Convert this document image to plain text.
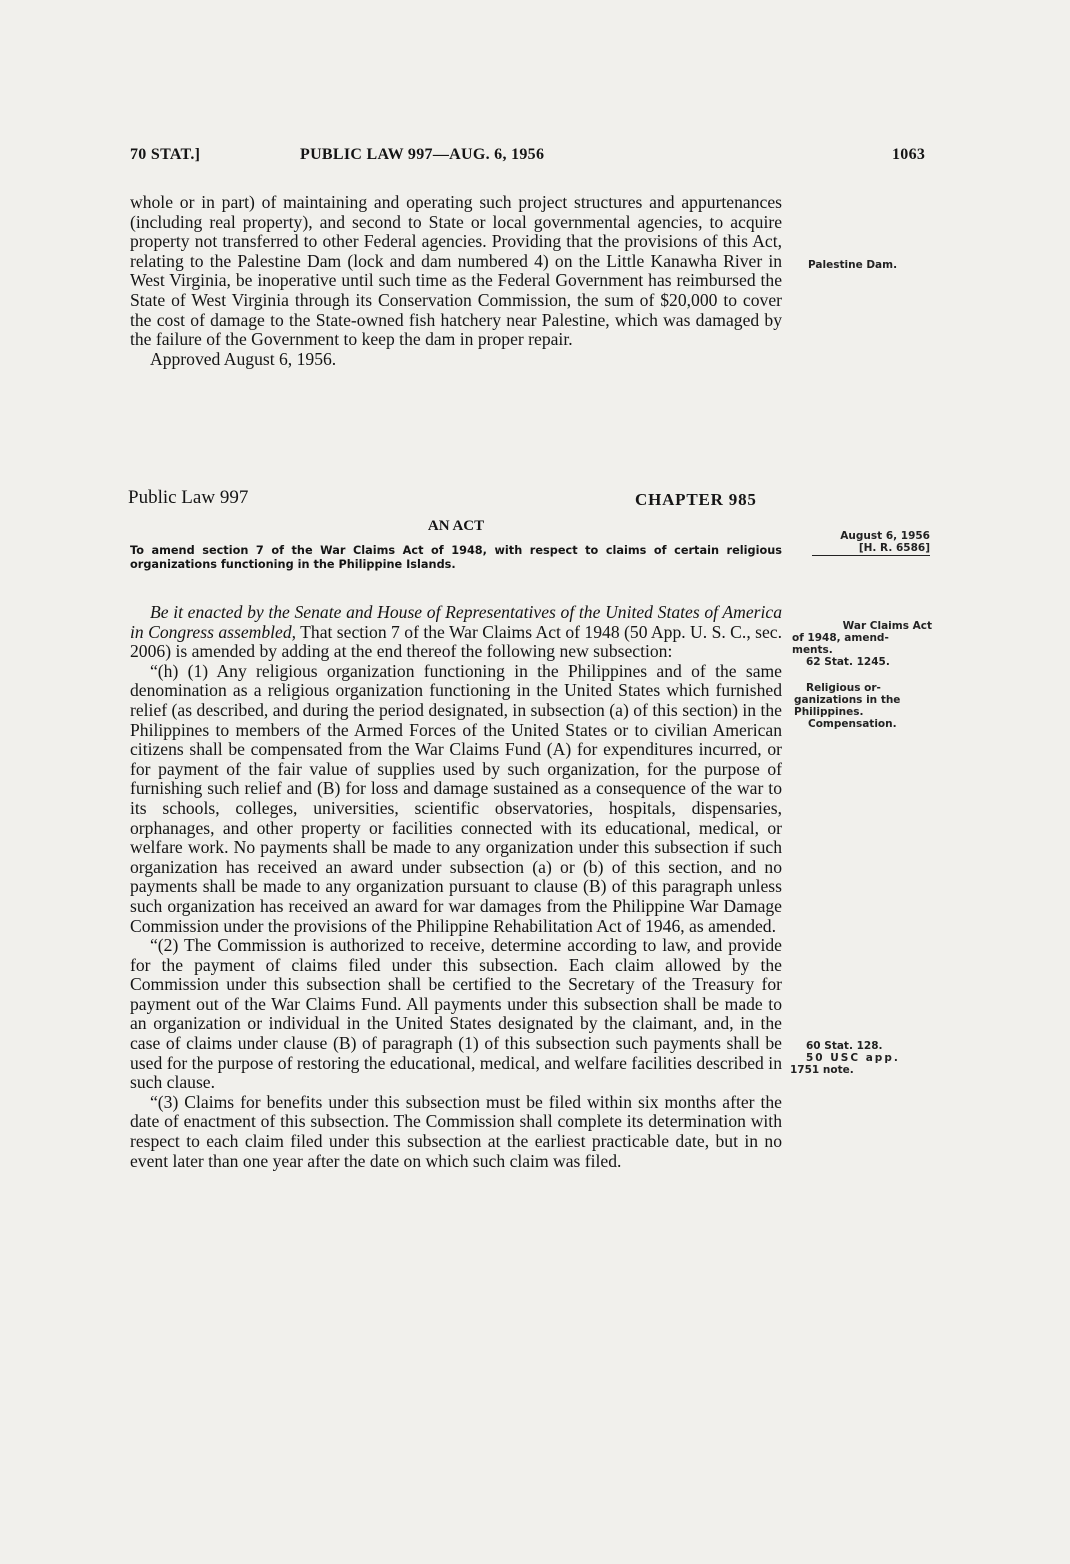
70 STAT.]	PUBLIC LAW 997—AUG. 6, 1956	1063

whole or in part) of maintaining and operating such project structures and appurtenances (including real property), and second to State or local governmental agencies, to acquire property not transferred to other Federal agencies. Providing that the provisions of this Act, relating to the Palestine Dam (lock and dam numbered 4) on the Little Kanawha River in West Virginia, be inoperative until such time as the Federal Government has reimbursed the State of West Virginia through its Conservation Commission, the sum of $20,000 to cover the cost of damage to the State-owned fish hatchery near Palestine, which was damaged by the failure of the Government to keep the dam in proper repair.

Approved August 6, 1956.

Public Law 997	CHAPTER 985
AN ACT
To amend section 7 of the War Claims Act of 1948, with respect to claims of certain religious organizations functioning in the Philippine Islands.

Be it enacted by the Senate and House of Representatives of the United States of America in Congress assembled, That section 7 of the War Claims Act of 1948 (50 App. U. S. C., sec. 2006) is amended by adding at the end thereof the following new subsection:

“(h) (1) Any religious organization functioning in the Philippines and of the same denomination as a religious organization functioning in the United States which furnished relief (as described, and during the period designated, in subsection (a) of this section) in the Philippines to members of the Armed Forces of the United States or to civilian American citizens shall be compensated from the War Claims Fund (A) for expenditures incurred, or for payment of the fair value of supplies used by such organization, for the purpose of furnishing such relief and (B) for loss and damage sustained as a consequence of the war to its schools, colleges, universities, scientific observatories, hospitals, dispensaries, orphanages, and other property or facilities connected with its educational, medical, or welfare work. No payments shall be made to any organization under this subsection if such organization has received an award under subsection (a) or (b) of this section, and no payments shall be made to any organization pursuant to clause (B) of this paragraph unless such organization has received an award for war damages from the Philippine War Damage Commission under the provisions of the Philippine Rehabilitation Act of 1946, as amended.

“(2) The Commission is authorized to receive, determine according to law, and provide for the payment of claims filed under this subsection. Each claim allowed by the Commission under this subsection shall be certified to the Secretary of the Treasury for payment out of the War Claims Fund. All payments under this subsection shall be made to an organization or individual in the United States designated by the claimant, and, in the case of claims under clause (B) of paragraph (1) of this subsection such payments shall be used for the purpose of restoring the educational, medical, and welfare facilities described in such clause.

“(3) Claims for benefits under this subsection must be filed within six months after the date of enactment of this subsection. The Commission shall complete its determination with respect to each claim filed under this subsection at the earliest practicable date, but in no event later than one year after the date on which such claim was filed.

Palestine Dam.
August 6, 1956
[H. R. 6586]
War Claims Act
of 1948, amend-
ments.
62 Stat. 1245.
Religious or-
ganizations in the
Philippines.
Compensation.
60 Stat. 128.
50 USC app.
1751 note.
